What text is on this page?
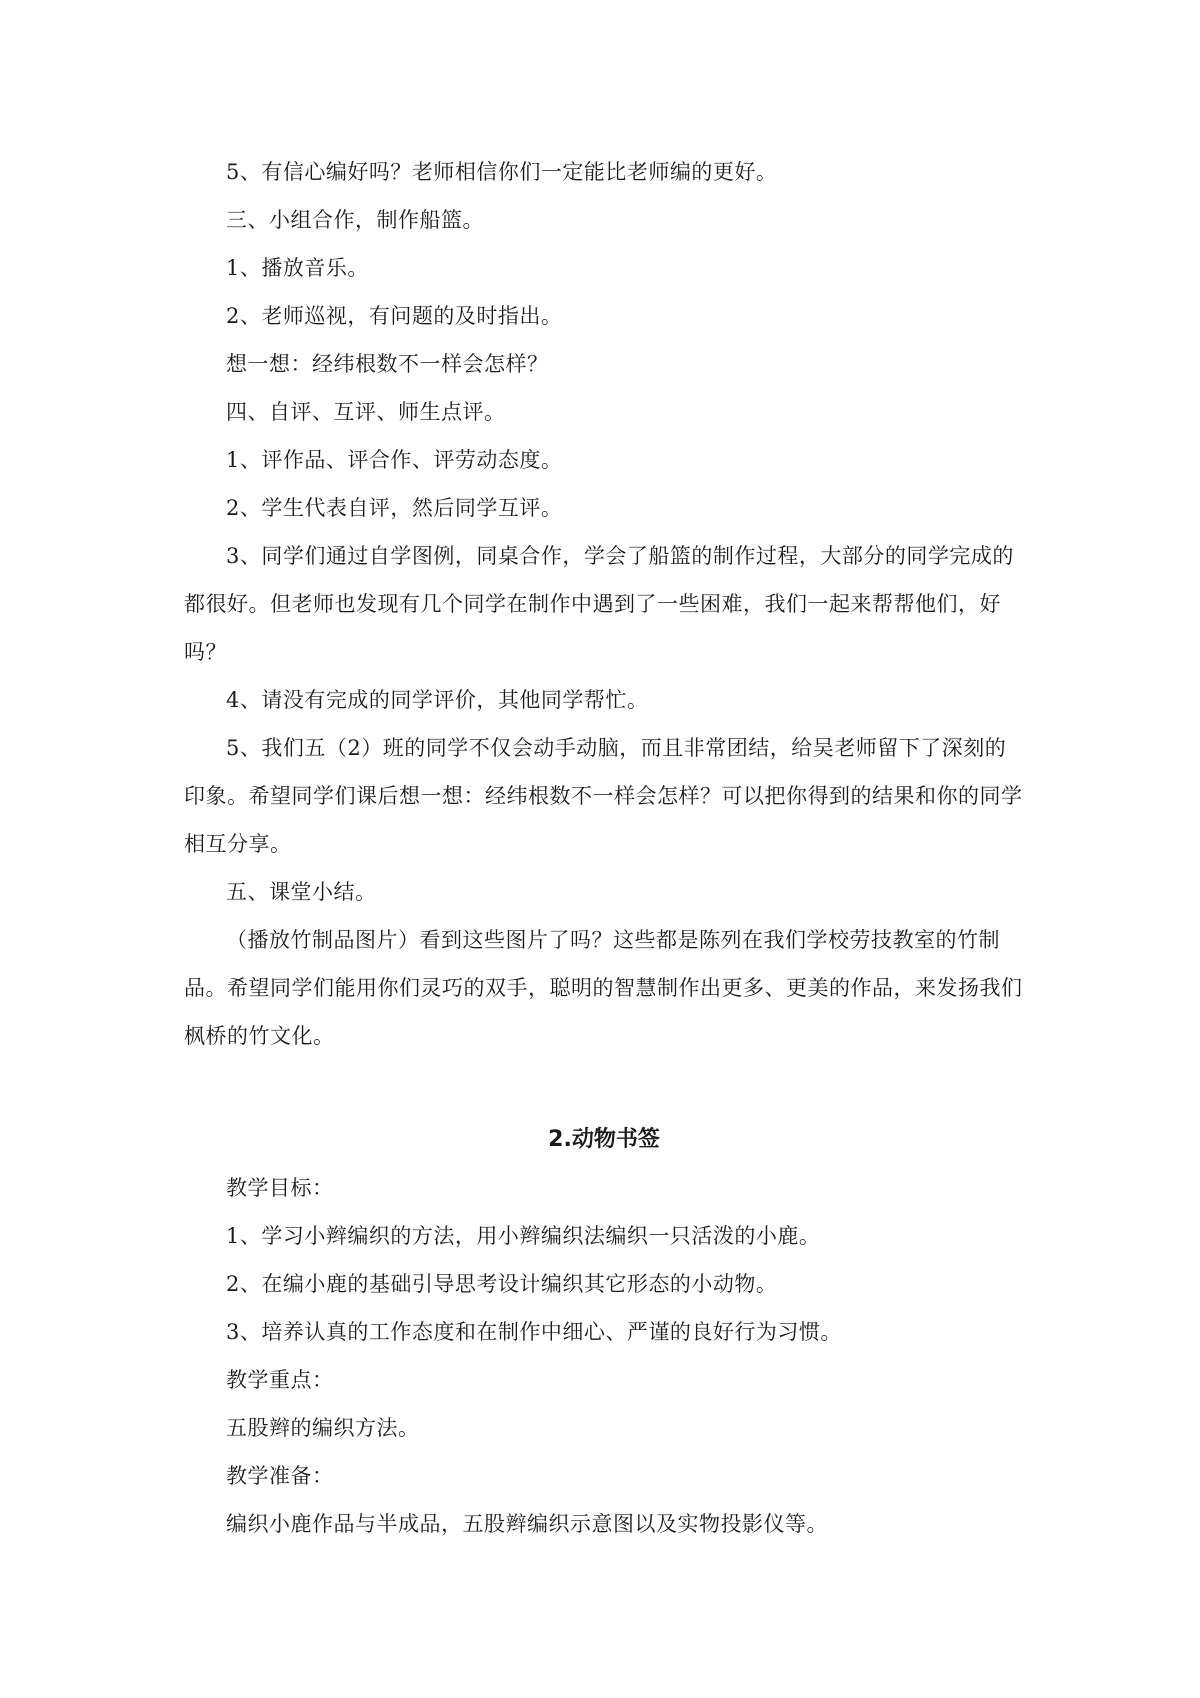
5、有信心编好吗？老师相信你们一定能比老师编的更好。

三、小组合作，制作船篮。

1、播放音乐。

2、老师巡视，有问题的及时指出。

想一想：经纬根数不一样会怎样？

四、自评、互评、师生点评。

1、评作品、评合作、评劳动态度。

2、学生代表自评，然后同学互评。

3、同学们通过自学图例，同桌合作，学会了船篮的制作过程，大部分的同学完成的都很好。但老师也发现有几个同学在制作中遇到了一些困难，我们一起来帮帮他们，好吗？

4、请没有完成的同学评价，其他同学帮忙。

5、我们五（2）班的同学不仅会动手动脑，而且非常团结，给吴老师留下了深刻的印象。希望同学们课后想一想：经纬根数不一样会怎样？可以把你得到的结果和你的同学相互分享。

五、课堂小结。

（播放竹制品图片）看到这些图片了吗？这些都是陈列在我们学校劳技教室的竹制品。希望同学们能用你们灵巧的双手，聪明的智慧制作出更多、更美的作品，来发扬我们枫桥的竹文化。

2.动物书签

教学目标：

1、学习小辫编织的方法，用小辫编织法编织一只活泼的小鹿。

2、在编小鹿的基础引导思考设计编织其它形态的小动物。

3、培养认真的工作态度和在制作中细心、严谨的良好行为习惯。

教学重点：

五股辫的编织方法。

教学准备：

编织小鹿作品与半成品，五股辫编织示意图以及实物投影仪等。
